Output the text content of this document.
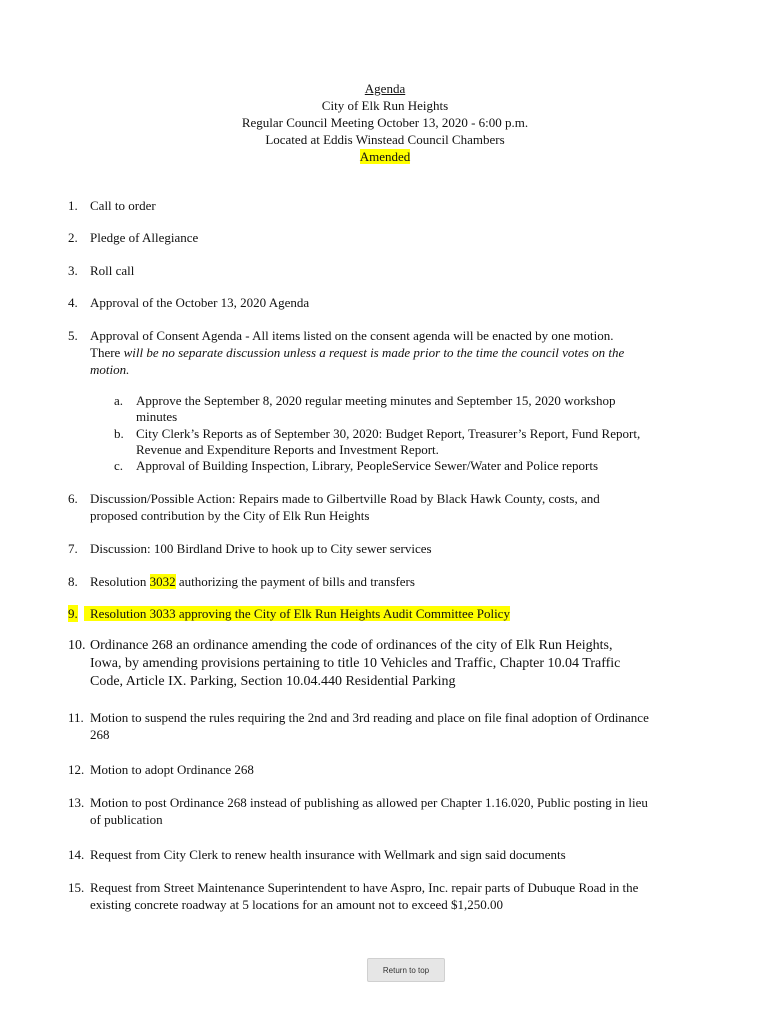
Agenda
City of Elk Run Heights
Regular Council Meeting October 13, 2020 - 6:00 p.m.
Located at Eddis Winstead Council Chambers
Amended
1. Call to order
2. Pledge of Allegiance
3. Roll call
4. Approval of the October 13, 2020 Agenda
5. Approval of Consent Agenda - All items listed on the consent agenda will be enacted by one motion.
There will be no separate discussion unless a request is made prior to the time the council votes on the
motion.
a. Approve the September 8, 2020 regular meeting minutes and September 15, 2020 workshop
minutes
b. City Clerk’s Reports as of September 30, 2020: Budget Report, Treasurer’s Report, Fund Report,
Revenue and Expenditure Reports and Investment Report.
c. Approval of Building Inspection, Library, PeopleService Sewer/Water and Police reports
6. Discussion/Possible Action: Repairs made to Gilbertville Road by Black Hawk County, costs, and
proposed contribution by the City of Elk Run Heights
7. Discussion: 100 Birdland Drive to hook up to City sewer services
8. Resolution 3032 authorizing the payment of bills and transfers
9. Resolution 3033 approving the City of Elk Run Heights Audit Committee Policy
10. Ordinance 268 an ordinance amending the code of ordinances of the city of Elk Run Heights,
Iowa, by amending provisions pertaining to title 10 Vehicles and Traffic, Chapter 10.04 Traffic
Code, Article IX. Parking, Section 10.04.440 Residential Parking
11. Motion to suspend the rules requiring the 2nd and 3rd reading and place on file final adoption of Ordinance
268
12. Motion to adopt Ordinance 268
13. Motion to post Ordinance 268 instead of publishing as allowed per Chapter 1.16.020, Public posting in lieu
of publication
14. Request from City Clerk to renew health insurance with Wellmark and sign said documents
15. Request from Street Maintenance Superintendent to have Aspro, Inc. repair parts of Dubuque Road in the
existing concrete roadway at 5 locations for an amount not to exceed $1,250.00
Return to top
